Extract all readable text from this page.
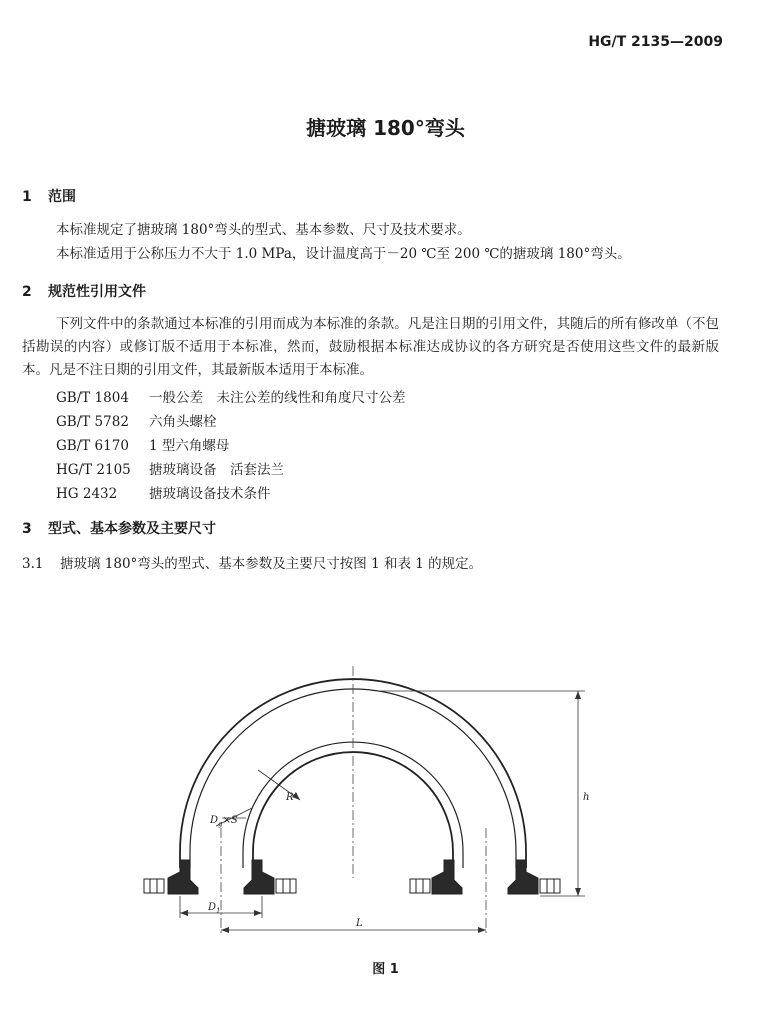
HG/T 2135—2009
搪玻璃 180°弯头
1 范围
本标准规定了搪玻璃 180°弯头的型式、基本参数、尺寸及技术要求。
本标准适用于公称压力不大于 1.0 MPa，设计温度高于－20 ℃至 200 ℃的搪玻璃 180°弯头。
2 规范性引用文件
下列文件中的条款通过本标准的引用而成为本标准的条款。凡是注日期的引用文件，其随后的所有修改单（不包括勘误的内容）或修订版不适用于本标准，然而，鼓励根据本标准达成协议的各方研究是否使用这些文件的最新版本。凡是不注日期的引用文件，其最新版本适用于本标准。
GB/T 1804 一般公差　未注公差的线性和角度尺寸公差
GB/T 5782 六角头螺栓
GB/T 6170 1 型六角螺母
HG/T 2105 搪玻璃设备　活套法兰
HG 2432 搪玻璃设备技术条件
3 型式、基本参数及主要尺寸
3.1 搪玻璃 180°弯头的型式、基本参数及主要尺寸按图 1 和表 1 的规定。
R
$D_g\times S$
$D_1$
L
h
图 1
